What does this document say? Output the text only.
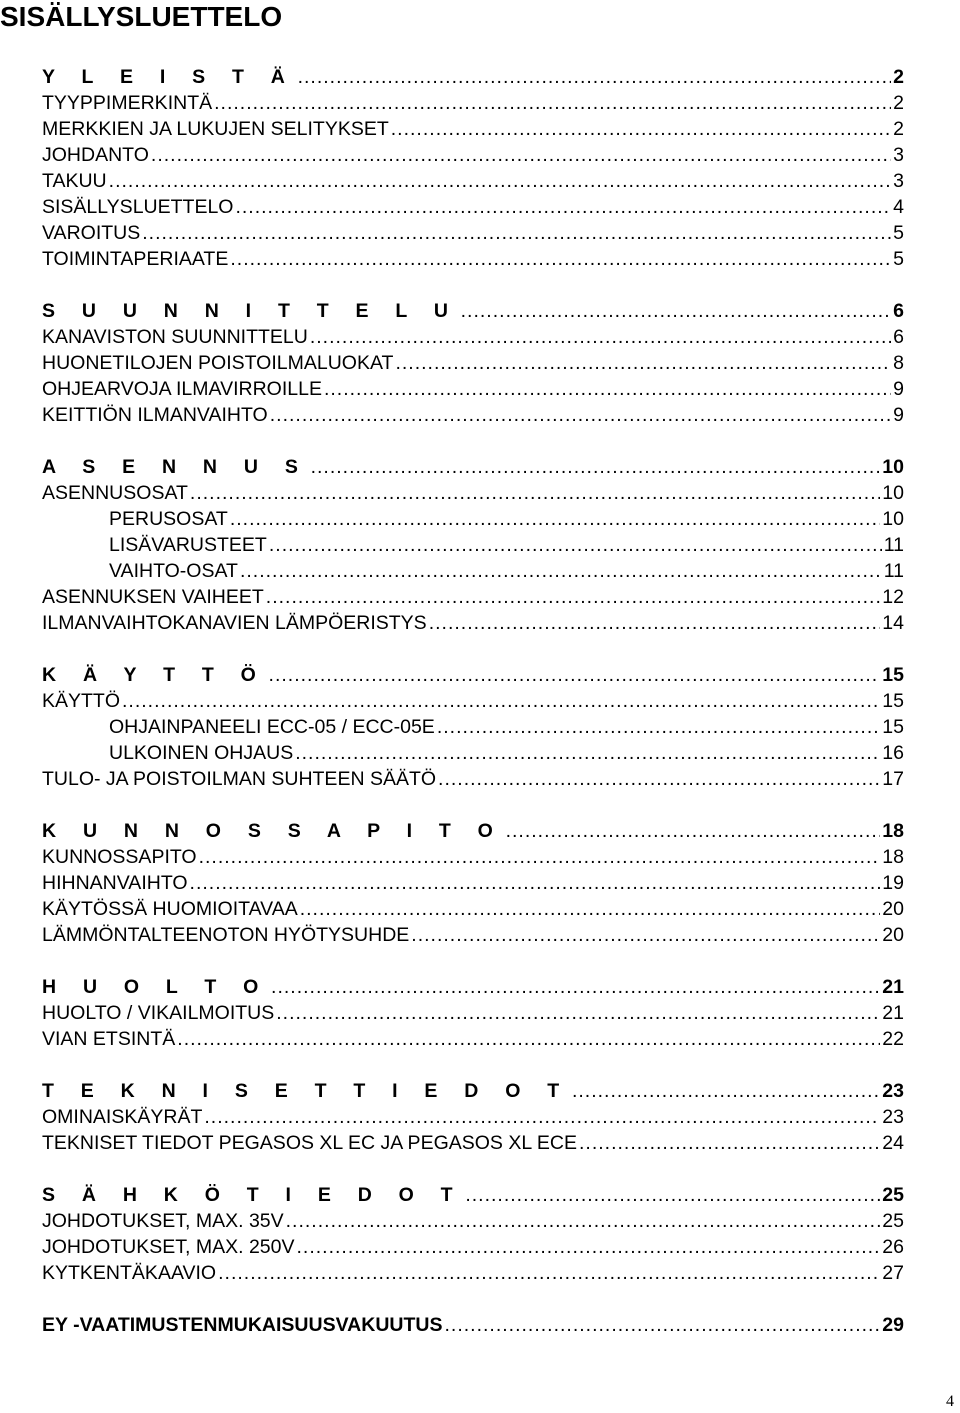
SISÄLLYSLUETTELO
Y L E I S T Ä .....	2
TYYPPIMERKINTÄ .....	2
MERKKIEN JA LUKUJEN SELITYKSET .....	2
JOHDANTO .....	3
TAKUU .....	3
SISÄLLYSLUETTELO .....	4
VAROITUS .....	5
TOIMINTAPERIAATE .....	5
S U U N N I T T E L U .....	6
KANAVISTON SUUNNITTELU .....	6
HUONETILOJEN POISTOILMALUOKAT .....	8
OHJEARVOJA ILMAVIRROILLE .....	9
KEITTIÖN ILMANVAIHTO .....	9
A S E N N U S .....	10
ASENNUSOSAT .....	10
PERUSOSAT .....	10
LISÄVARUSTEET .....	11
VAIHTO-OSAT .....	11
ASENNUKSEN VAIHEET .....	12
ILMANVAIHTOKANAVIEN LÄMPÖERISTYS .....	14
K Ä Y T T Ö .....	15
KÄYTTÖ .....	15
OHJAINPANEELI ECC-05 / ECC-05E .....	15
ULKOINEN OHJAUS .....	16
TULO- JA POISTOILMAN SUHTEEN SÄÄTÖ .....	17
K U N N O S S A P I T O .....	18
KUNNOSSAPITO .....	18
HIHNANVAIHTO .....	19
KÄYTÖSSÄ HUOMIOITAVAA .....	20
LÄMMÖNTALTEENOTON HYÖTYSUHDE .....	20
H U O L T O .....	21
HUOLTO / VIKAILMOITUS .....	21
VIAN ETSINTÄ .....	22
T E K N I S E T T I E D O T .....	23
OMINAISKÄYRÄT .....	23
TEKNISET TIEDOT PEGASOS XL EC JA PEGASOS XL ECE .....	24
S Ä H K Ö T I E D O T .....	25
JOHDOTUKSET, MAX. 35V .....	25
JOHDOTUKSET, MAX. 250V .....	26
KYTKENTÄKAAVIO .....	27
EY -VAATIMUSTENMUKAISUUSVAKUUTUS .....	29
4
